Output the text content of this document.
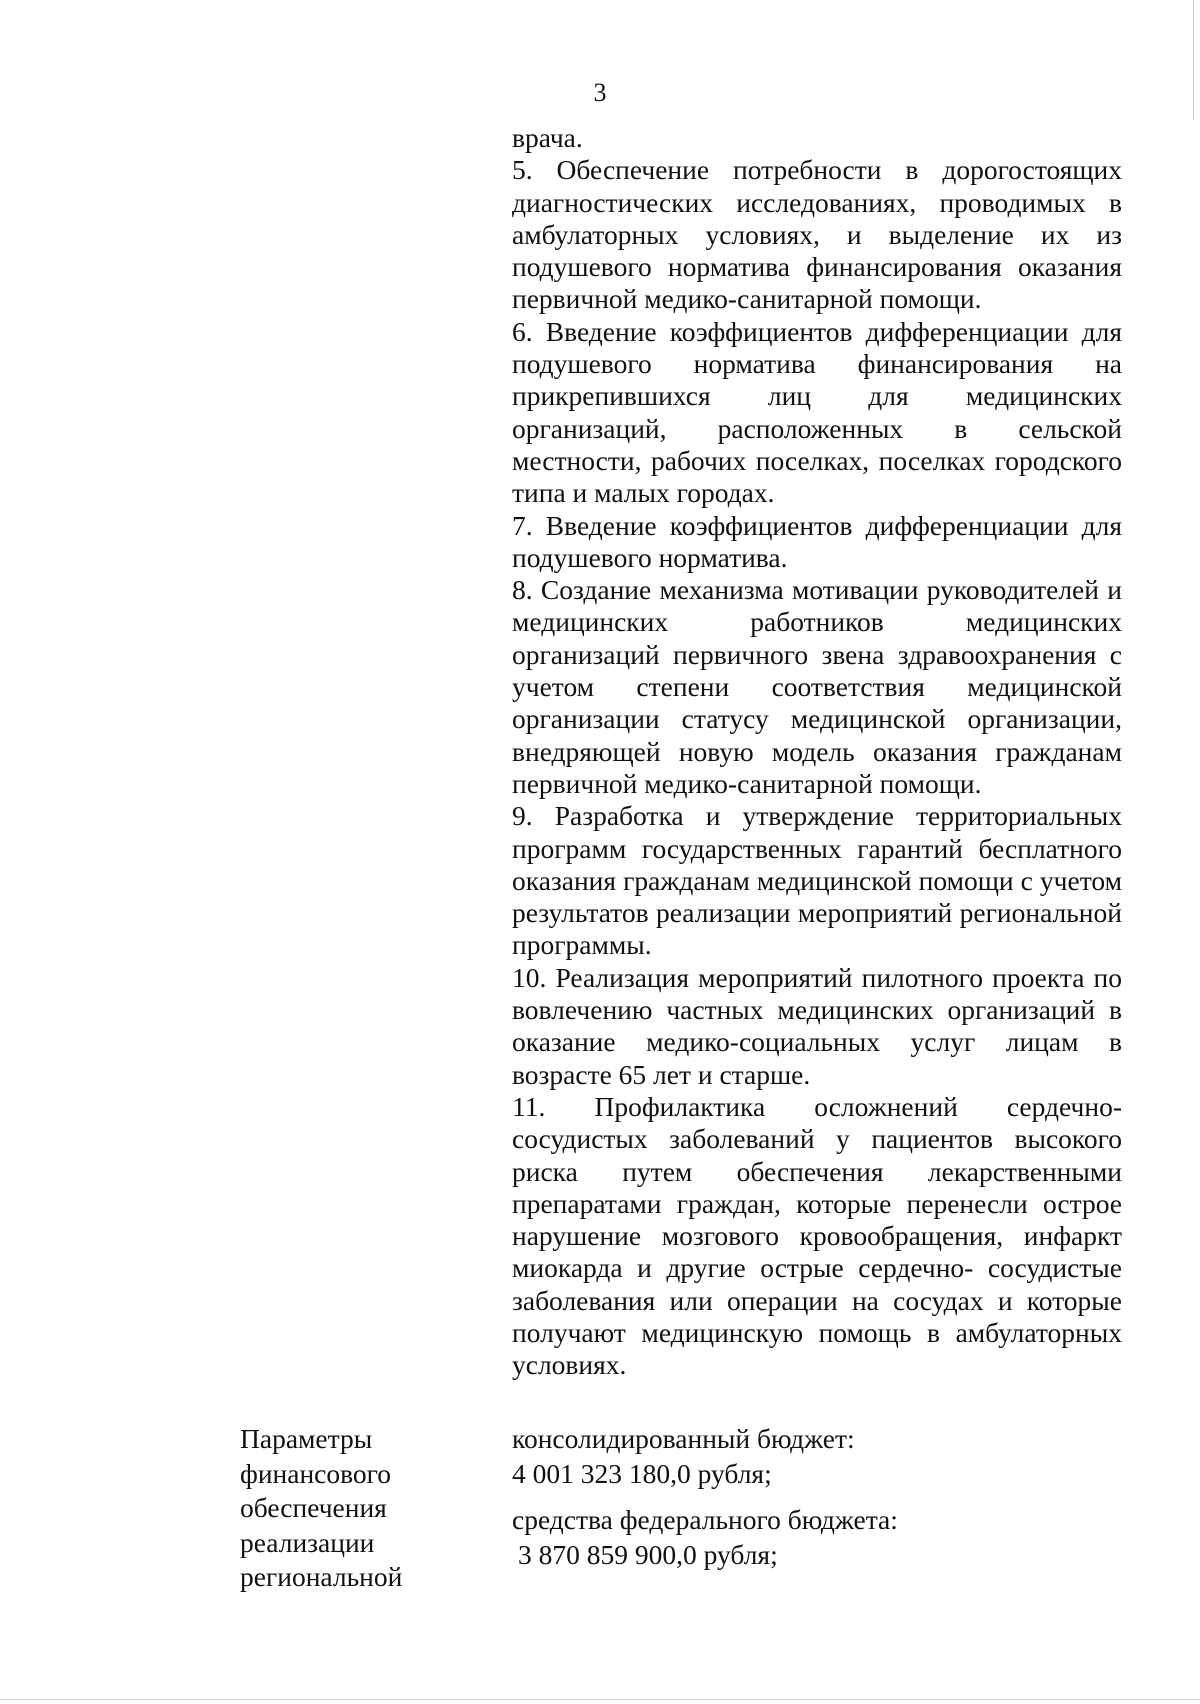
3

врача.

5. Обеспечение потребности в дорогостоящих диагностических исследованиях, проводимых в амбулаторных условиях, и выделение их из подушевого норматива финансирования оказания первичной медико-санитарной помощи.

6. Введение коэффициентов дифференциации для подушевого норматива финансирования на прикрепившихся лиц для медицинских организаций, расположенных в сельской местности, рабочих поселках, поселках городского типа и малых городах.

7. Введение коэффициентов дифференциации для подушевого норматива.

8. Создание механизма мотивации руководителей и медицинских работников медицинских организаций первичного звена здравоохранения с учетом степени соответствия медицинской организации статусу медицинской организации, внедряющей новую модель оказания гражданам первичной медико-санитарной помощи.

9. Разработка и утверждение территориальных программ государственных гарантий бесплатного оказания гражданам медицинской помощи с учетом результатов реализации мероприятий региональной программы.

10. Реализация мероприятий пилотного проекта по вовлечению частных медицинских организаций в оказание медико-социальных услуг лицам в возрасте 65 лет и старше.

11. Профилактика осложнений сердечно-сосудистых заболеваний у пациентов высокого риска путем обеспечения лекарственными препаратами граждан, которые перенесли острое нарушение мозгового кровообращения, инфаркт миокарда и другие острые сердечно- сосудистые заболевания или операции на сосудах и которые получают медицинскую помощь в амбулаторных условиях.

Параметры
финансового
обеспечения
реализации
региональной
консолидированный бюджет:
4 001 323 180,0 рубля;
средства федерального бюджета:
3 870 859 900,0 рубля;
